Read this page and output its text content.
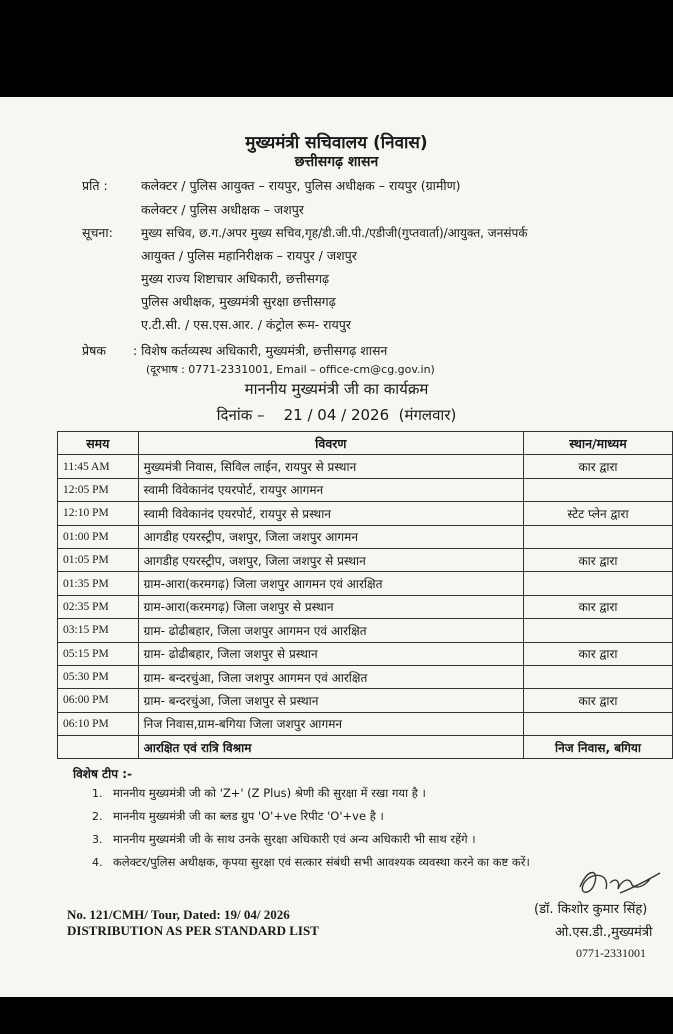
मुख्यमंत्री सचिवालय (निवास)
छत्तीसगढ़ शासन
प्रति :	कलेक्टर / पुलिस आयुक्त – रायपुर, पुलिस अधीक्षक – रायपुर (ग्रामीण)
कलेक्टर / पुलिस अधीक्षक – जशपुर
सूचना: मुख्य सचिव, छ.ग./अपर मुख्य सचिव,गृह/डी.जी.पी./एडीजी(गुप्तवार्ता)/आयुक्त, जनसंपर्क
आयुक्त / पुलिस महानिरीक्षक – रायपुर / जशपुर
मुख्य राज्य शिष्टाचार अधिकारी, छत्तीसगढ़
पुलिस अधीक्षक, मुख्यमंत्री सुरक्षा छत्तीसगढ़
ए.टी.सी. / एस.एस.आर. / कंट्रोल रूम- रायपुर
प्रेषक : विशेष कर्तव्यस्थ अधिकारी, मुख्यमंत्री, छत्तीसगढ़ शासन
(दूरभाष : 0771-2331001, Email – office-cm@cg.gov.in)
माननीय मुख्यमंत्री जी का कार्यक्रम
दिनांक –    21 / 04 / 2026  (मंगलवार)
समय	विवरण	स्थान/माध्यम
11:45 AM	मुख्यमंत्री निवास, सिविल लाईन, रायपुर से प्रस्थान	कार द्वारा
12:05 PM	स्वामी विवेकानंद एयरपोर्ट, रायपुर आगमन	
12:10 PM	स्वामी विवेकानंद एयरपोर्ट, रायपुर से प्रस्थान	स्टेट प्लेन द्वारा
01:00 PM	आगडीह एयरस्ट्रीप, जशपुर, जिला जशपुर आगमन	
01:05 PM	आगडीह एयरस्ट्रीप, जशपुर, जिला जशपुर से प्रस्थान	कार द्वारा
01:35 PM	ग्राम-आरा(करमगढ़) जिला जशपुर आगमन एवं आरक्षित	
02:35 PM	ग्राम-आरा(करमगढ़) जिला जशपुर से प्रस्थान	कार द्वारा
03:15 PM	ग्राम- ढोढीबहार, जिला जशपुर आगमन एवं आरक्षित	
05:15 PM	ग्राम- ढोढीबहार, जिला जशपुर से प्रस्थान	कार द्वारा
05:30 PM	ग्राम- बन्दरचुंआ, जिला जशपुर आगमन एवं आरक्षित	
06:00 PM	ग्राम- बन्दरचुंआ, जिला जशपुर से प्रस्थान	कार द्वारा
06:10 PM	निज निवास,ग्राम-बगिया जिला जशपुर आगमन	
	आरक्षित एवं रात्रि विश्राम	निज निवास, बगिया
विशेष टीप :-
1. माननीय मुख्यमंत्री जी को 'Z+' (Z Plus) श्रेणी की सुरक्षा में रखा गया है ।
2. माननीय मुख्यमंत्री जी का ब्लड ग्रुप 'O'+ve रिपीट 'O'+ve है ।
3. माननीय मुख्यमंत्री जी के साथ उनके सुरक्षा अधिकारी एवं अन्य अधिकारी भी साथ रहेंगे ।
4. कलेक्टर/पुलिस अधीक्षक, कृपया सुरक्षा एवं सत्कार संबंधी सभी आवश्यक व्यवस्था करने का कष्ट करें।
No. 121/CMH/ Tour, Dated: 19/ 04/ 2026
DISTRIBUTION AS PER STANDARD LIST
(डॉ. किशोर कुमार सिंह)
ओ.एस.डी.,मुख्यमंत्री
0771-2331001
